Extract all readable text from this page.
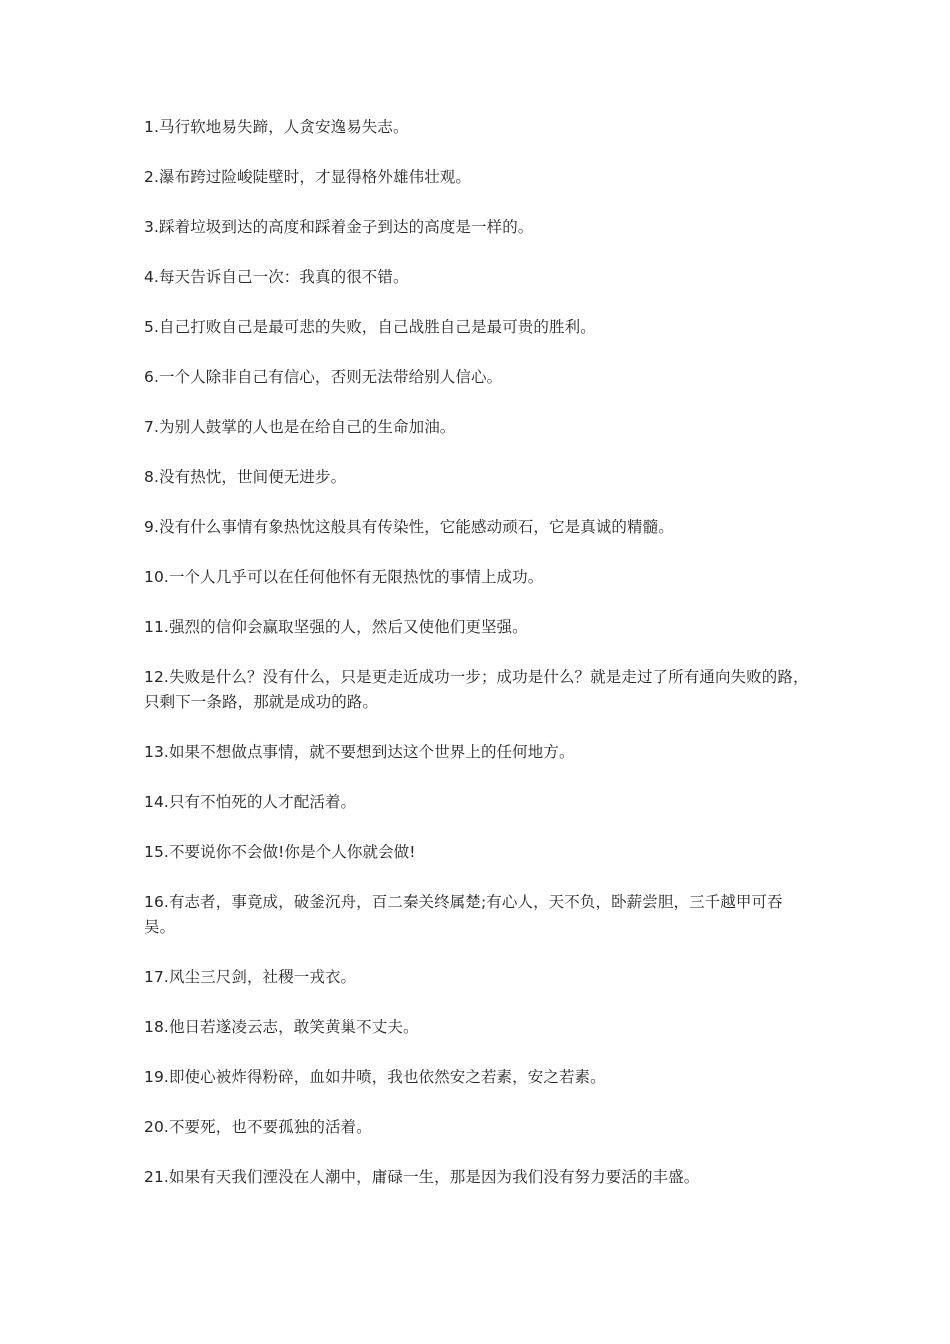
1.马行软地易失蹄，人贪安逸易失志。
2.瀑布跨过险峻陡壁时，才显得格外雄伟壮观。
3.踩着垃圾到达的高度和踩着金子到达的高度是一样的。
4.每天告诉自己一次：我真的很不错。
5.自己打败自己是最可悲的失败，自己战胜自己是最可贵的胜利。
6.一个人除非自己有信心，否则无法带给别人信心。
7.为别人鼓掌的人也是在给自己的生命加油。
8.没有热忱，世间便无进步。
9.没有什么事情有象热忱这般具有传染性，它能感动顽石，它是真诚的精髓。
10.一个人几乎可以在任何他怀有无限热忱的事情上成功。
11.强烈的信仰会赢取坚强的人，然后又使他们更坚强。
12.失败是什么？没有什么，只是更走近成功一步；成功是什么？就是走过了所有通向失败的路，只剩下一条路，那就是成功的路。
13.如果不想做点事情，就不要想到达这个世界上的任何地方。
14.只有不怕死的人才配活着。
15.不要说你不会做!你是个人你就会做!
16.有志者，事竟成，破釜沉舟，百二秦关终属楚;有心人，天不负，卧薪尝胆，三千越甲可吞吴。
17.风尘三尺剑，社稷一戎衣。
18.他日若遂凌云志，敢笑黄巢不丈夫。
19.即使心被炸得粉碎，血如井喷，我也依然安之若素，安之若素。
20.不要死，也不要孤独的活着。
21.如果有天我们湮没在人潮中，庸碌一生，那是因为我们没有努力要活的丰盛。
